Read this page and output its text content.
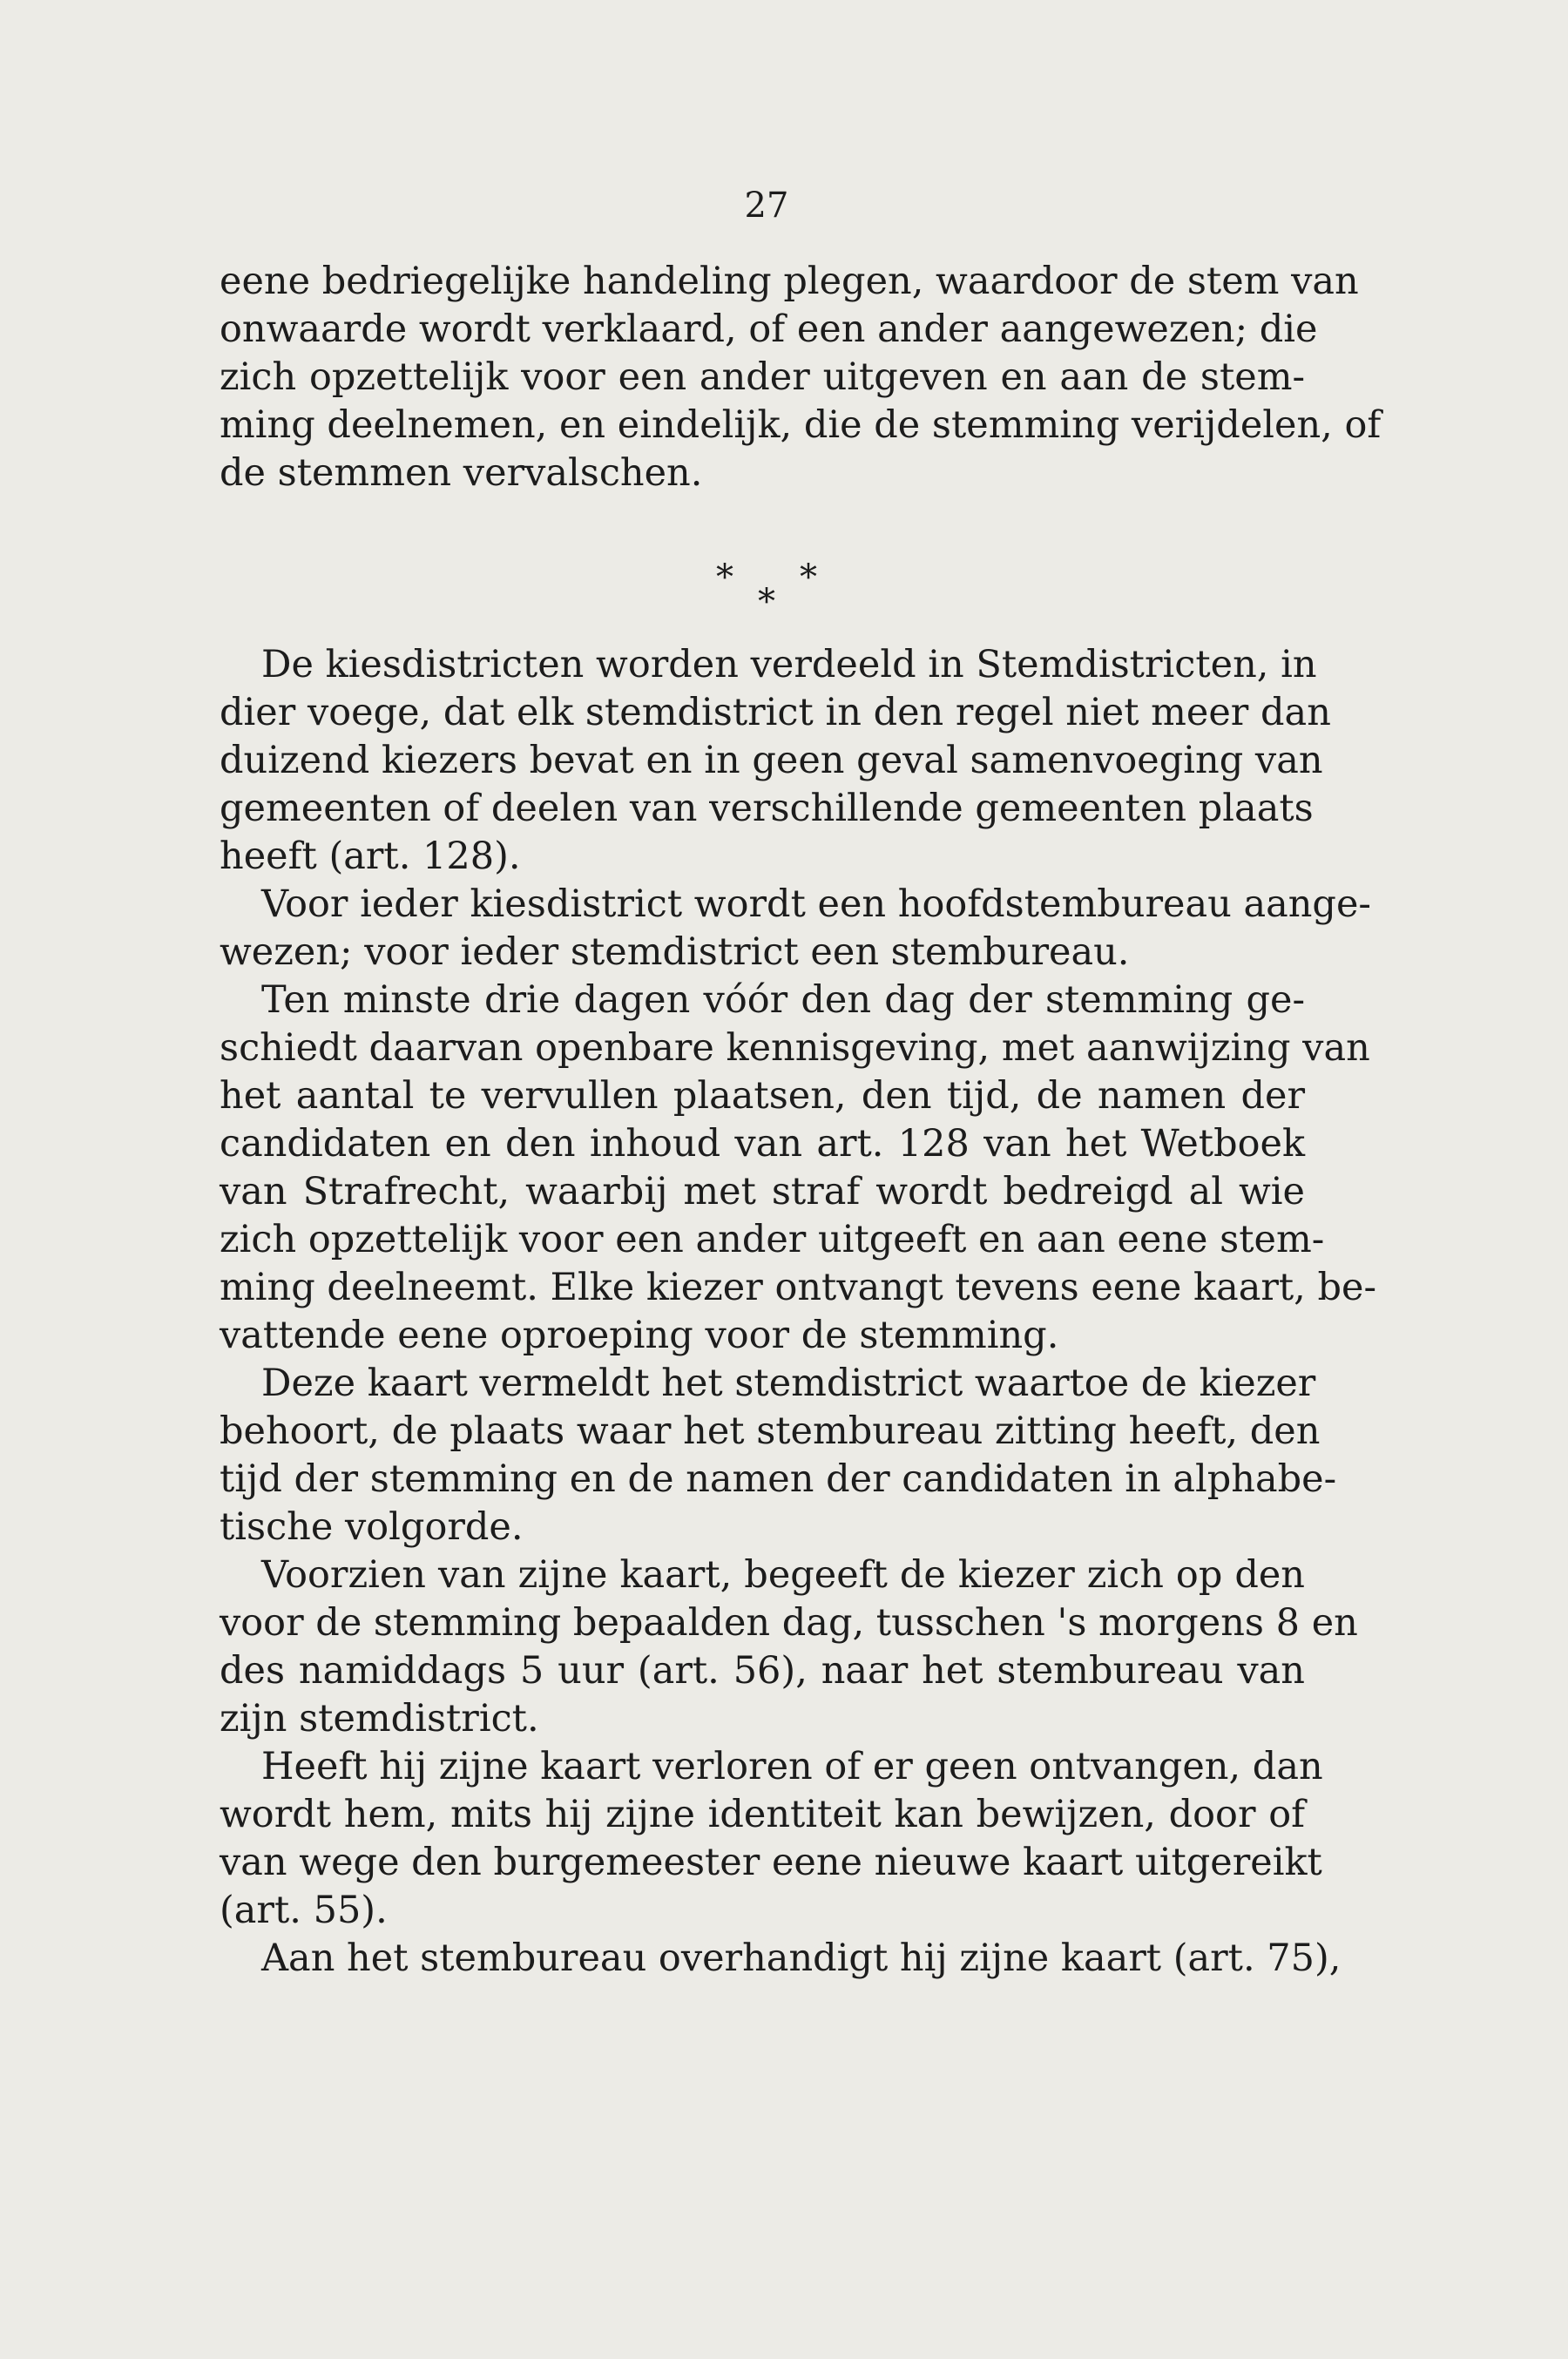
27
*
*
*
eene bedriegelijke handeling plegen, waardoor de stem van
onwaarde wordt verklaard, of een ander aangewezen; die
zich opzettelijk voor een ander uitgeven en aan de stem-
ming deelnemen, en eindelijk, die de stemming verijdelen, of
de stemmen vervalschen.
De kiesdistricten worden verdeeld in Stemdistricten, in
dier voege, dat elk stemdistrict in den regel niet meer dan
duizend kiezers bevat en in geen geval samenvoeging van
gemeenten of deelen van verschillende gemeenten plaats
heeft (art. 128).
Voor ieder kiesdistrict wordt een hoofdstembureau aange-
wezen; voor ieder stemdistrict een stembureau.
Ten minste drie dagen vóór den dag der stemming ge-
schiedt daarvan openbare kennisgeving, met aanwijzing van
het aantal te vervullen plaatsen, den tijd, de namen der
candidaten en den inhoud van art. 128 van het Wetboek
van Strafrecht, waarbij met straf wordt bedreigd al wie
zich opzettelijk voor een ander uitgeeft en aan eene stem-
ming deelneemt. Elke kiezer ontvangt tevens eene kaart, be-
vattende eene oproeping voor de stemming.
Deze kaart vermeldt het stemdistrict waartoe de kiezer
behoort, de plaats waar het stembureau zitting heeft, den
tijd der stemming en de namen der candidaten in alphabe-
tische volgorde.
Voorzien van zijne kaart, begeeft de kiezer zich op den
voor de stemming bepaalden dag, tusschen 's morgens 8 en
des namiddags 5 uur (art. 56), naar het stembureau van
zijn stemdistrict.
Heeft hij zijne kaart verloren of er geen ontvangen, dan
wordt hem, mits hij zijne identiteit kan bewijzen, door of
van wege den burgemeester eene nieuwe kaart uitgereikt
(art. 55).
Aan het stembureau overhandigt hij zijne kaart (art. 75),
